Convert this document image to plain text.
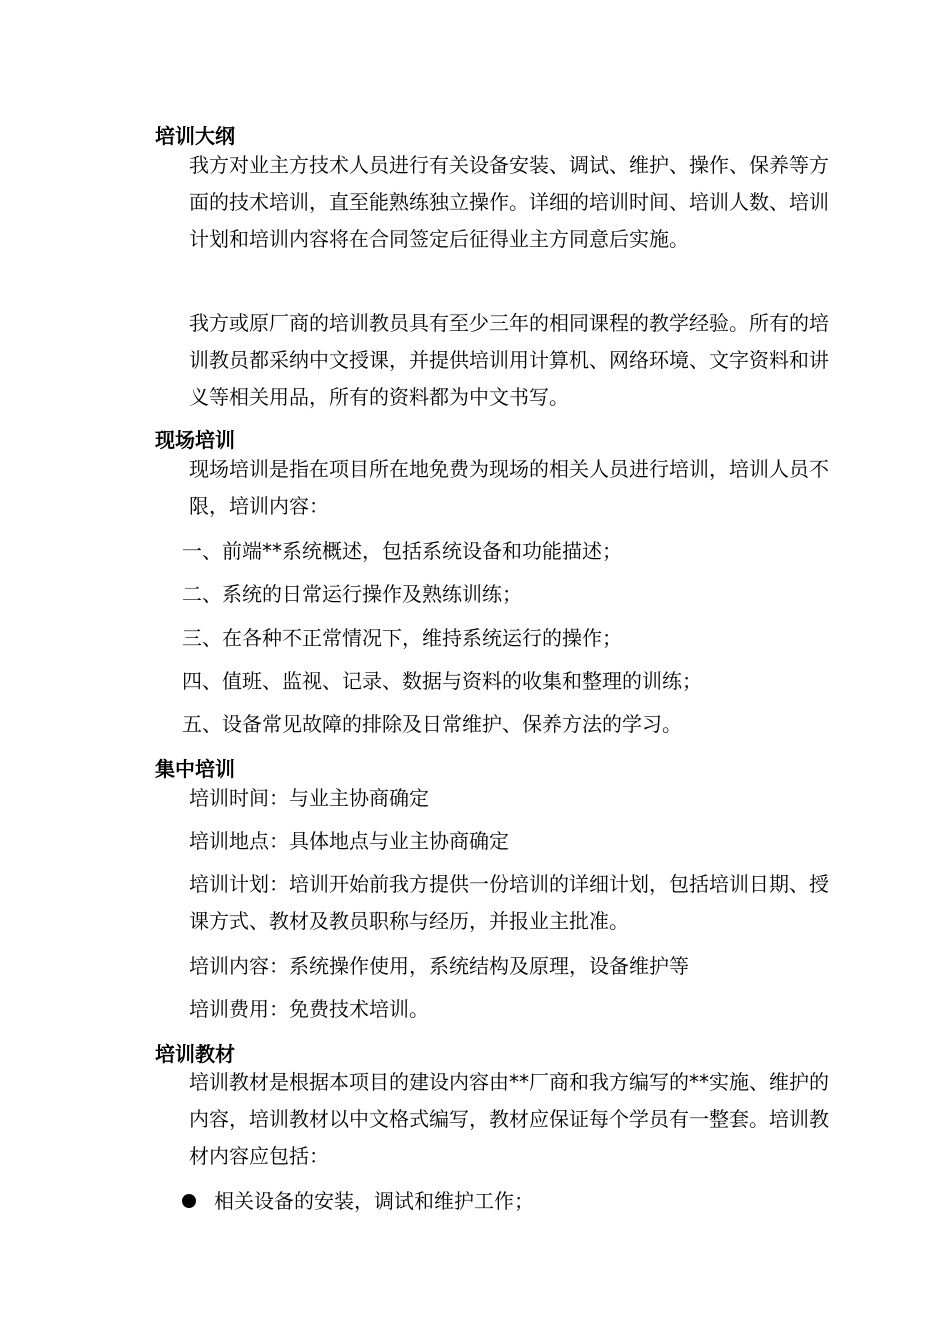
培训大纲
我方对业主方技术人员进行有关设备安装、调试、维护、操作、保养等方面的技术培训，直至能熟练独立操作。详细的培训时间、培训人数、培训计划和培训内容将在合同签定后征得业主方同意后实施。
我方或原厂商的培训教员具有至少三年的相同课程的教学经验。所有的培训教员都采纳中文授课，并提供培训用计算机、网络环境、文字资料和讲义等相关用品，所有的资料都为中文书写。
现场培训
现场培训是指在项目所在地免费为现场的相关人员进行培训，培训人员不限，培训内容：
一、前端**系统概述，包括系统设备和功能描述；
二、系统的日常运行操作及熟练训练；
三、在各种不正常情况下，维持系统运行的操作；
四、值班、监视、记录、数据与资料的收集和整理的训练；
五、设备常见故障的排除及日常维护、保养方法的学习。
集中培训
培训时间：与业主协商确定
培训地点：具体地点与业主协商确定
培训计划：培训开始前我方提供一份培训的详细计划，包括培训日期、授课方式、教材及教员职称与经历，并报业主批准。
培训内容：系统操作使用，系统结构及原理，设备维护等
培训费用：免费技术培训。
培训教材
培训教材是根据本项目的建设内容由**厂商和我方编写的**实施、维护的内容，培训教材以中文格式编写，教材应保证每个学员有一整套。培训教材内容应包括：
相关设备的安装，调试和维护工作；
